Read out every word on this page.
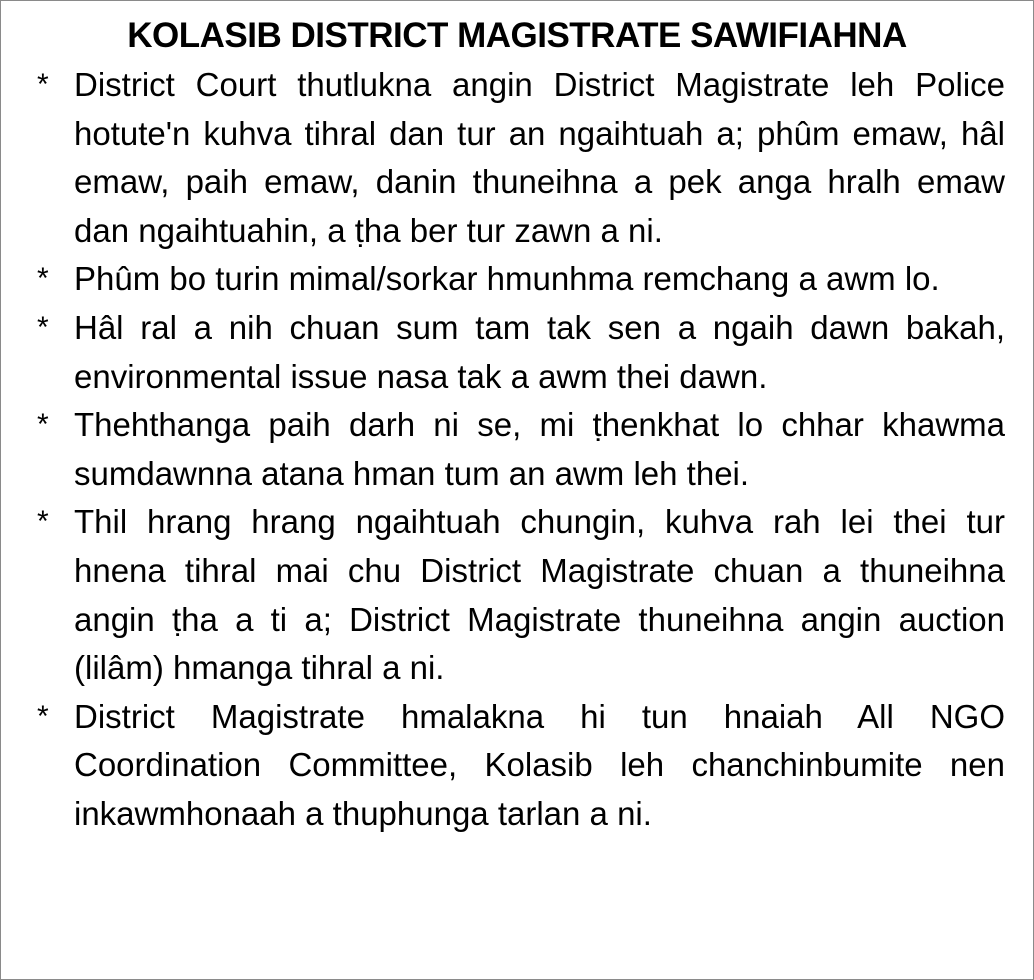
KOLASIB DISTRICT MAGISTRATE SAWIFIAHNA
* District Court thutlukna angin District Magistrate leh Police hotute'n kuhva tihral dan tur an ngaihtuah a; phûm emaw, hâl emaw, paih emaw, danin thuneihna a pek anga hralh emaw dan ngaihtuahin, a ṭha ber tur zawn a ni.
* Phûm bo turin mimal/sorkar hmunhma remchang a awm lo.
* Hâl ral a nih chuan sum tam tak sen a ngaih dawn bakah, environmental issue nasa tak a awm thei dawn.
* Thehthanga paih darh ni se, mi ṭhenkhat lo chhar khawma sumdawnna atana hman tum an awm leh thei.
* Thil hrang hrang ngaihtuah chungin, kuhva rah lei thei tur hnena tihral mai chu District Magistrate chuan a thuneihna angin ṭha a ti a; District Magistrate thuneihna angin auction (lilâm) hmanga tihral a ni.
* District Magistrate hmalakna hi tun hnaiah All NGO Coordination Committee, Kolasib leh chanchinbumite nen inkawmhonaah a thuphunga tarlan a ni.
